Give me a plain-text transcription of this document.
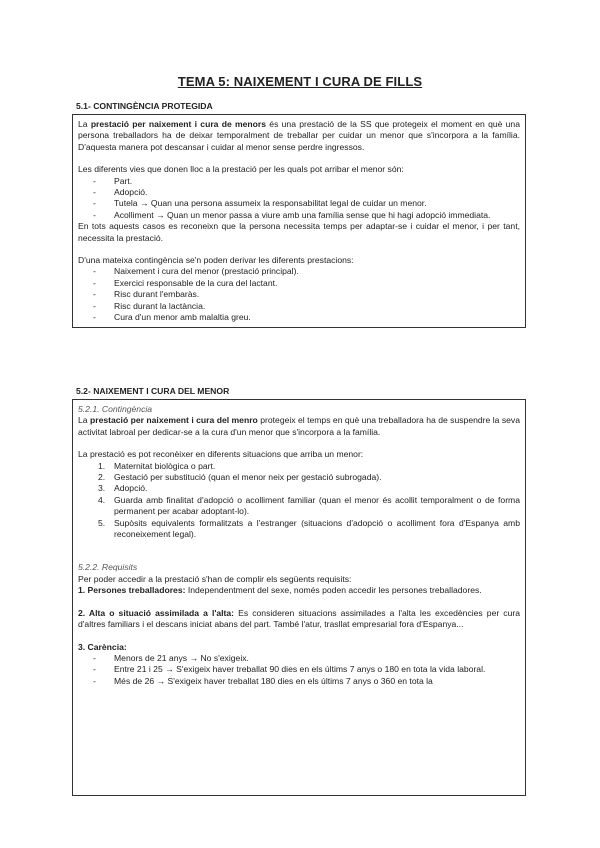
TEMA 5: NAIXEMENT I CURA DE FILLS
5.1- CONTINGÈNCIA PROTEGIDA

La prestació per naixement i cura de menors és una prestació de la SS que protegeix el moment en què una persona treballadors ha de deixar temporalment de treballar per cuidar un menor que s'incorpora a la família. D'aquesta manera pot descansar i cuidar al menor sense perdre ingressos.

Les diferents vies que donen lloc a la prestació per les quals pot arribar el menor són:

- Part.
- Adopció.
- Tutela → Quan una persona assumeix la responsabilitat legal de cuidar un menor.
- Acolliment → Quan un menor passa a viure amb una família sense que hi hagi adopció immediata.

En tots aquests casos es reconeixn que la persona necessita temps per adaptar-se i cuidar el menor, i per tant, necessita la prestació.

D'una mateixa contingència se'n poden derivar les diferents prestacions:

- Naixement i cura del menor (prestació principal).
- Exercici responsable de la cura del lactant.
- Risc durant l'embaràs.
- Risc durant la lactància.
- Cura d'un menor amb malaltia greu.
5.2- NAIXEMENT I CURA DEL MENOR

5.2.1. Contingència

La prestació per naixement i cura del menro protegeix el temps en què una treballadora ha de suspendre la seva activitat labroal per dedicar-se a la cura d'un menor que s'incorpora a la família.

La prestació es pot reconèixer en diferents situacions que arriba un menor:

1. Maternitat biològica o part.
2. Gestació per substitució (quan el menor neix per gestació subrogada).
3. Adopció.
4. Guarda amb finalitat d'adopció o acolliment familiar (quan el menor és acollit temporalment o de forma permanent per acabar adoptant-lo).
5. Supòsits equivalents formalitzats a l'estranger (situacions d'adopció o acolliment fora d'Espanya amb reconeixement legal).

5.2.2. Requisits

Per poder accedir a la prestació s'han de complir els següents requisits:

1. Persones treballadores: Independentment del sexe, només poden accedir les persones treballadores.

2. Alta o situació assimilada a l'alta: Es consideren situacions assimilades a l'alta les excedències per cura d'altres familiars i el descans iniciat abans del part. També l'atur, trasllat empresarial fora d'Espanya...

3. Carència:

- Menors de 21 anys → No s'exigeix.
- Entre 21 i 25 → S'exigeix haver treballat 90 dies en els últims 7 anys o 180 en tota la vida laboral.
- Més de 26 → S'exigeix haver treballat 180 dies en els últims 7 anys o 360 en tota la
